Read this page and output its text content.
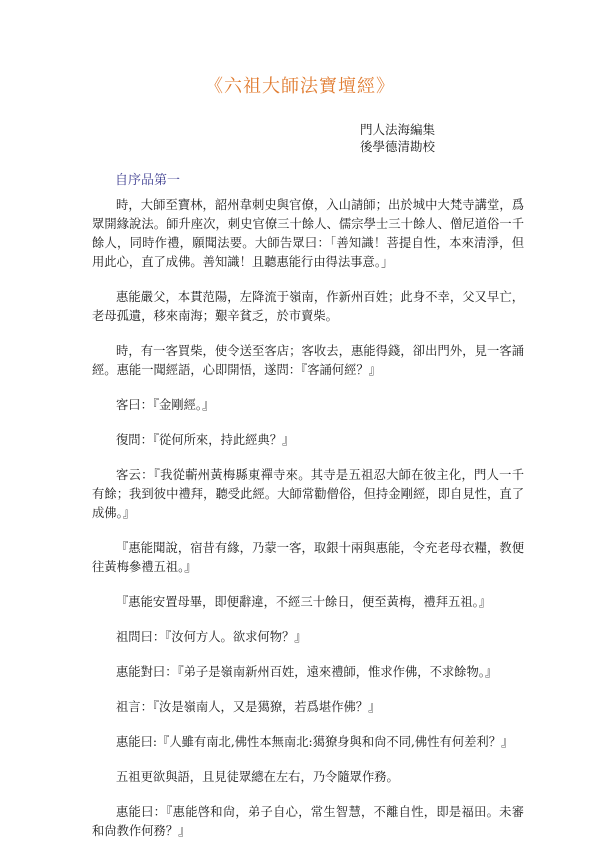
《六祖大師法寶壇經》
門人法海編集
後學德清勘校
自序品第一

時，大師至寶林，韶州韋刺史與官僚，入山請師；出於城中大梵寺講堂，爲眾開緣說法。師升座次，刺史官僚三十餘人、儒宗學士三十餘人、僧尼道俗一千餘人，同時作禮，願聞法要。大師告眾曰：「善知識！菩提自性，本來清淨，但用此心，直了成佛。善知識！且聽惠能行由得法事意。」

惠能嚴父，本貫范陽，左降流于嶺南，作新州百姓；此身不幸，父又早亡，老母孤遺，移來南海；艱辛貧乏，於市賣柴。

時，有一客買柴，使令送至客店；客收去，惠能得錢，卻出門外，見一客誦經。惠能一聞經語，心即開悟，遂問：『客誦何經？』

客曰：『金剛經。』

復問：『從何所來，持此經典？』

客云：『我從蘄州黃梅縣東禪寺來。其寺是五祖忍大師在彼主化，門人一千有餘；我到彼中禮拜，聽受此經。大師常勸僧俗，但持金剛經，即自見性，直了成佛。』

『惠能聞說，宿昔有緣，乃蒙一客，取銀十兩與惠能，令充老母衣糧，教便往黃梅參禮五祖。』

『惠能安置母畢，即便辭違，不經三十餘日，便至黃梅，禮拜五祖。』

祖問曰：『汝何方人。欲求何物？』

惠能對曰：『弟子是嶺南新州百姓，遠來禮師，惟求作佛，不求餘物。』

祖言：『汝是嶺南人，又是獦獠，若爲堪作佛？』

惠能曰:『人雖有南北,佛性本無南北:獦獠身與和尙不同,佛性有何差利？』

五祖更欲與語，且見徒眾總在左右，乃令隨眾作務。

惠能曰：『惠能啓和尙，弟子自心，常生智慧，不離自性，即是福田。未審和尙教作何務？』
